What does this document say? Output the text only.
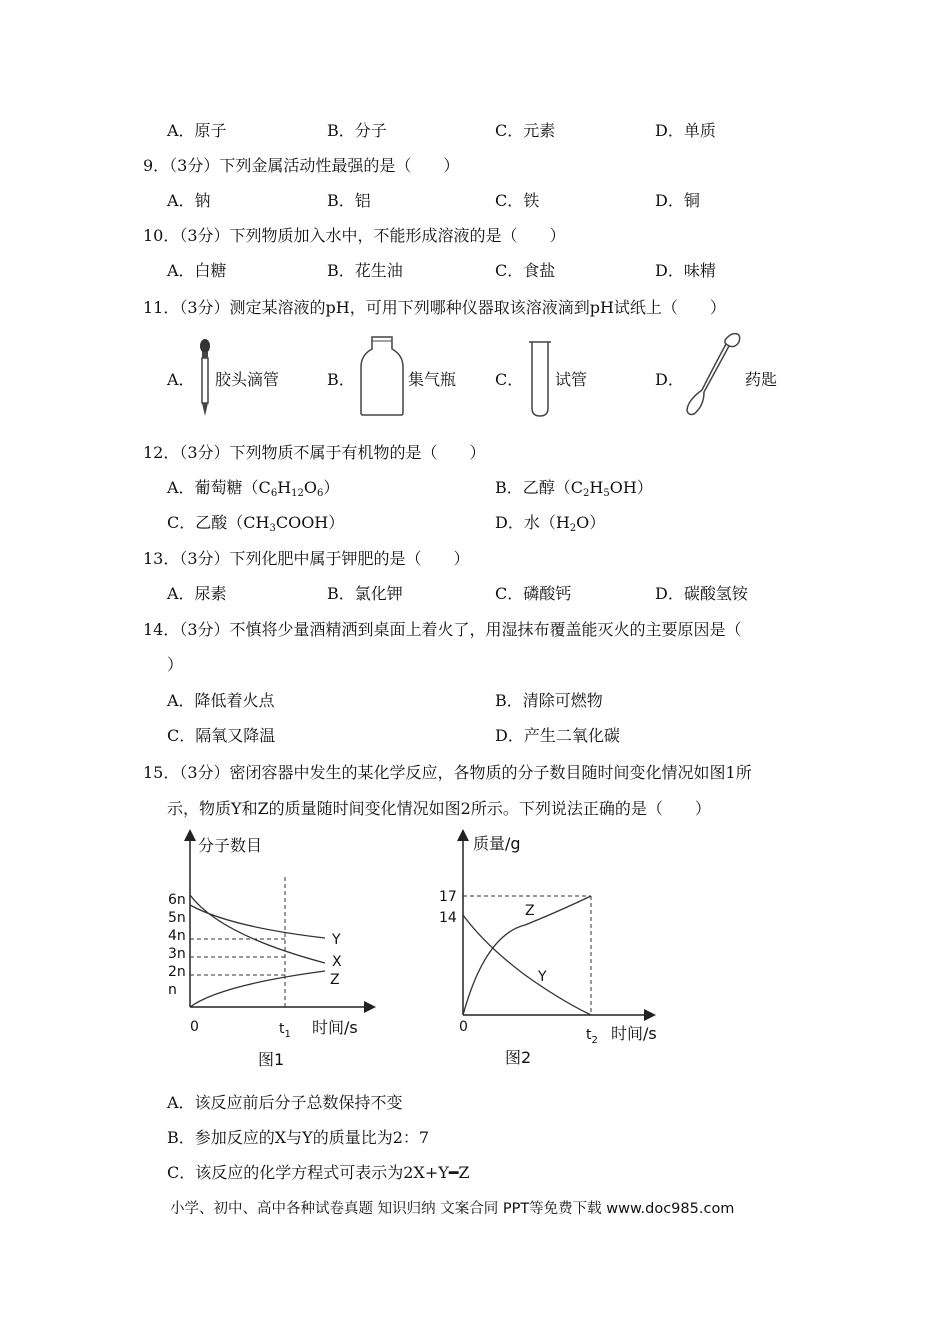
A．原子	B．分子	C．元素	D．单质
9．（3分）下列金属活动性最强的是（　　）
A．钠	B．铝	C．铁	D．铜
10．（3分）下列物质加入水中，不能形成溶液的是（　　）
A．白糖	B．花生油	C．食盐	D．味精
11．（3分）测定某溶液的pH，可用下列哪种仪器取该溶液滴到pH试纸上（　　）
A． 胶头滴管	B．	集气瓶 C． 试管	D．	药匙
12．（3分）下列物质不属于有机物的是（　　）
A．葡萄糖$(C_6H_{12}O_6)$	B．乙醇$(C_2H_5OH)$
C．乙酸$(CH_3COOH)$	D．水$(H_2O)$
13．（3分）下列化肥中属于钾肥的是（　　）
A．尿素	B．氯化钾	C．磷酸钙	D．碳酸氢铵
14．（3分）不慎将少量酒精洒到桌面上着火了，用湿抹布覆盖能灭火的主要原因是（
）
A．降低着火点	B．清除可燃物
C．隔氧又降温	D．产生二氧化碳
15．（3分）密闭容器中发生的某化学反应，各物质的分子数目随时间变化情况如图1所
示，物质Y和Z的质量随时间变化情况如图2所示。下列说法正确的是（　　）
分子数目
n
2n
3n
4n
5n
6n
Y
X
Z
0	$t_1$ 时间/s
图1
质量/g
17
14	Z
Y
0	$t_2$ 时间/s
图2
A．该反应前后分子总数保持不变
B．参加反应的X与Y的质量比为2：7
C．该反应的化学方程式可表示为2X+Y━Z
小学、初中、高中各种试卷真题 知识归纳 文案合同 PPT等免费下载 www.doc985.com
